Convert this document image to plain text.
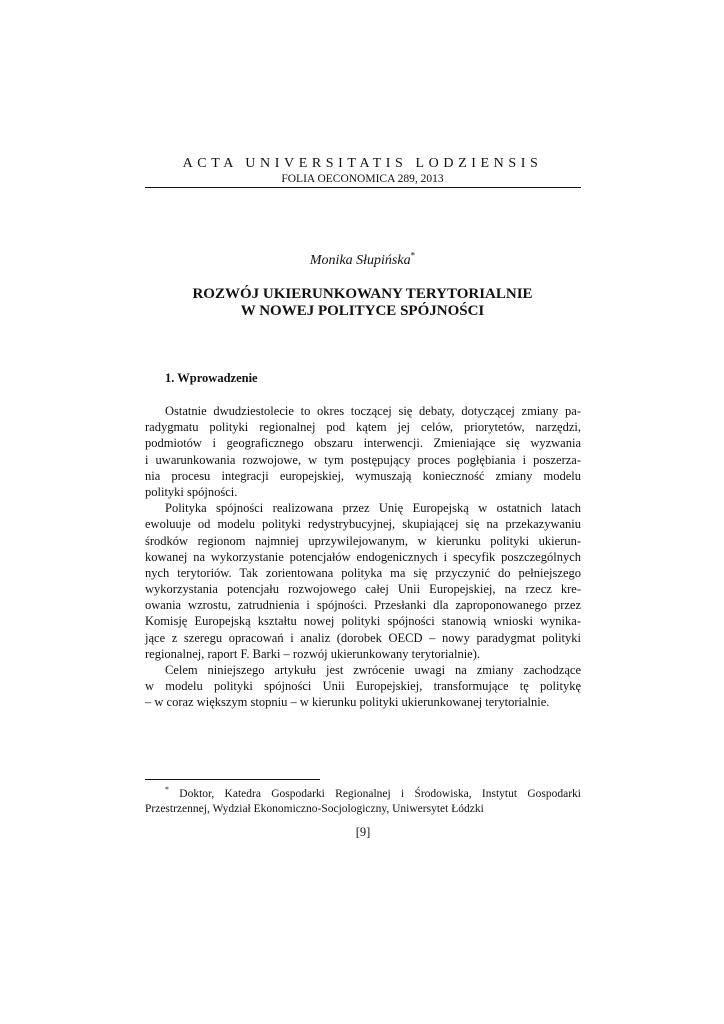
ACTA UNIVERSITATIS LODZIENSIS
FOLIA OECONOMICA 289, 2013
Monika Słupińska*
ROZWÓJ UKIERUNKOWANY TERYTORIALNIE
W NOWEJ POLITYCE SPÓJNOŚCI
1. Wprowadzenie
Ostatnie dwudziestolecie to okres toczącej się debaty, dotyczącej zmiany pa-
radygmatu polityki regionalnej pod kątem jej celów, priorytetów, narzędzi,
podmiotów i geograficznego obszaru interwencji. Zmieniające się wyzwania
i uwarunkowania rozwojowe, w tym postępujący proces pogłębiania i poszerza-
nia procesu integracji europejskiej, wymuszają konieczność zmiany modelu
polityki spójności.
Polityka spójności realizowana przez Unię Europejską w ostatnich latach
ewoluuje od modelu polityki redystrybucyjnej, skupiającej się na przekazywaniu
środków regionom najmniej uprzywilejowanym, w kierunku polityki ukierun-
kowanej na wykorzystanie potencjałów endogenicznych i specyfik poszczególnych
nych terytoriów. Tak zorientowana polityka ma się przyczynić do pełniejszego
wykorzystania potencjału rozwojowego całej Unii Europejskiej, na rzecz kre-
owania wzrostu, zatrudnienia i spójności. Przesłanki dla zaproponowanego przez
Komisję Europejską kształtu nowej polityki spójności stanowią wnioski wynika-
jące z szeregu opracowań i analiz (dorobek OECD – nowy paradygmat polityki
regionalnej, raport F. Barki – rozwój ukierunkowany terytorialnie).
Celem niniejszego artykułu jest zwrócenie uwagi na zmiany zachodzące
w modelu polityki spójności Unii Europejskiej, transformujące tę politykę
– w coraz większym stopniu – w kierunku polityki ukierunkowanej terytorialnie.
* Doktor, Katedra Gospodarki Regionalnej i Środowiska, Instytut Gospodarki
Przestrzennej, Wydział Ekonomiczno-Socjologiczny, Uniwersytet Łódzki
[9]
